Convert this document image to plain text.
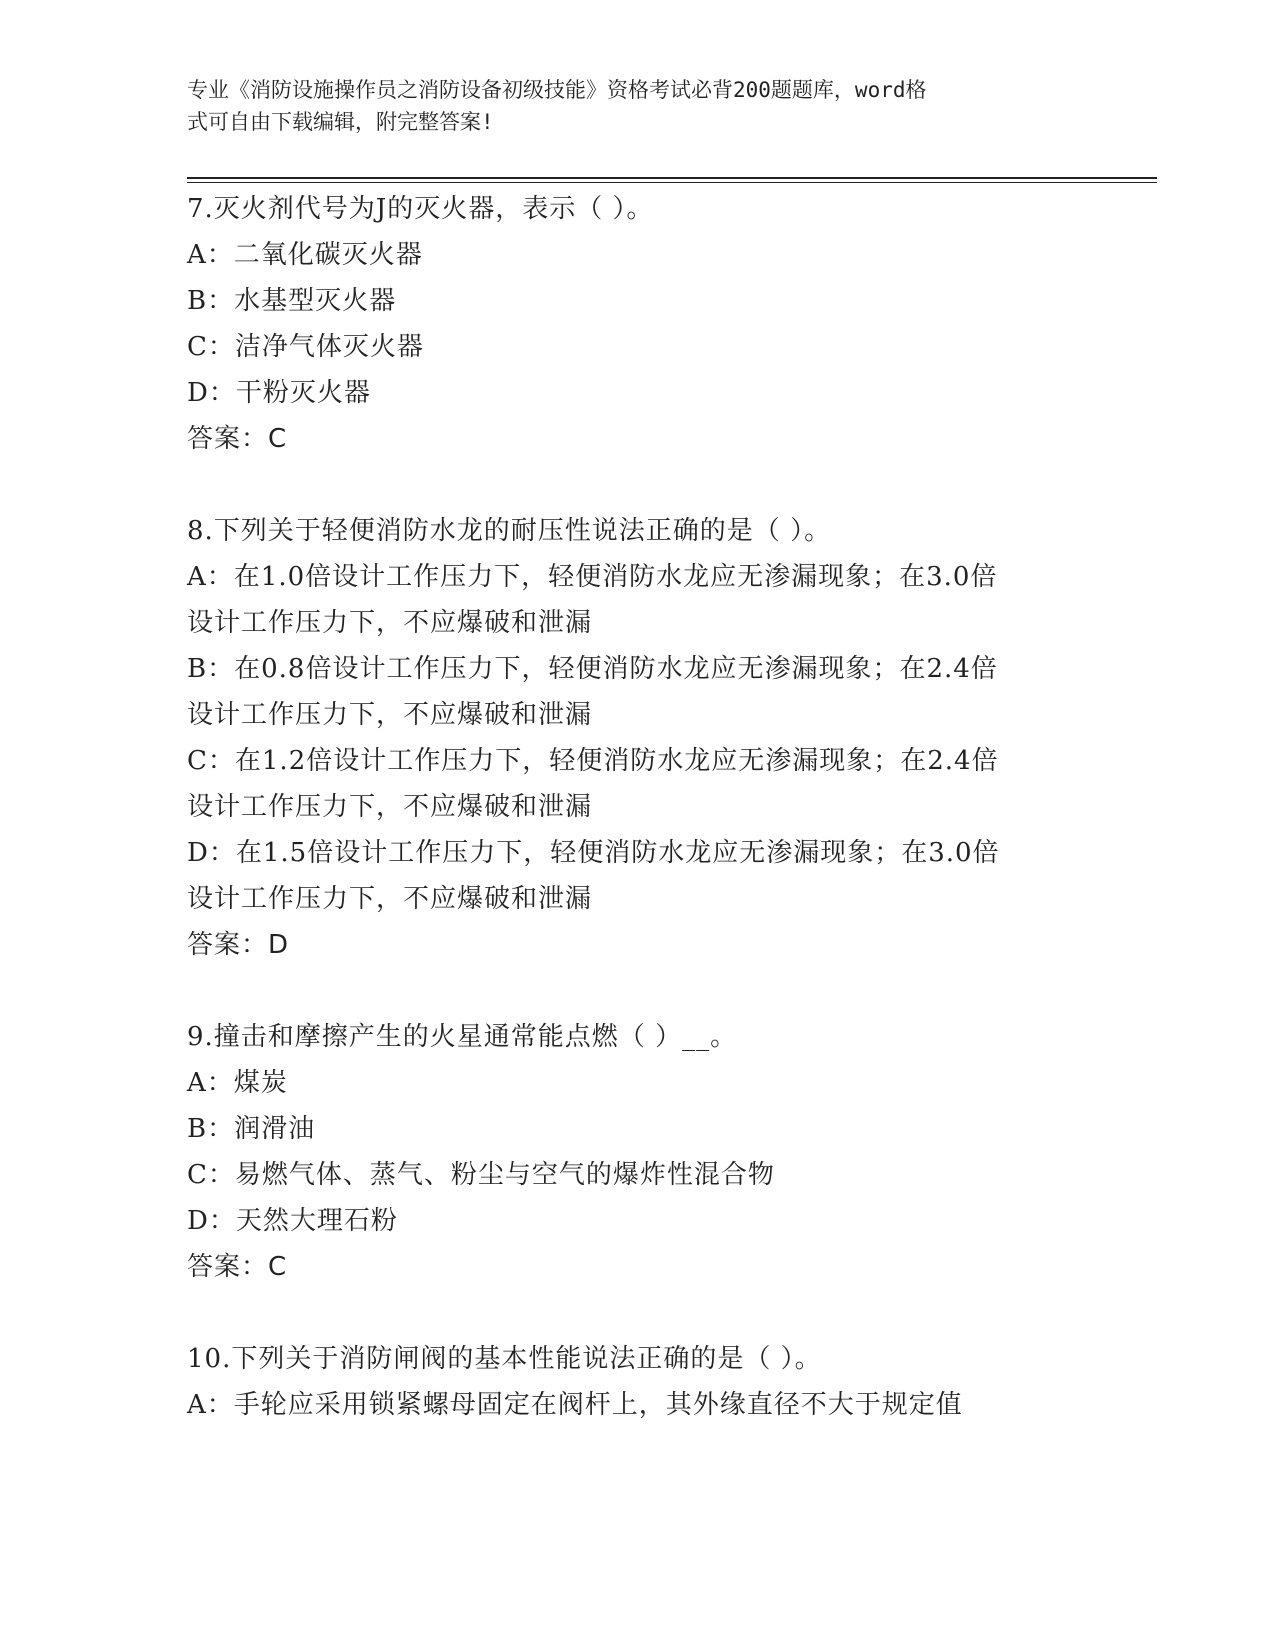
专业《消防设施操作员之消防设备初级技能》资格考试必背200题题库，word格
式可自由下载编辑，附完整答案!
7.灭火剂代号为J的灭火器，表示（ ）。
A：二氧化碳灭火器
B：水基型灭火器
C：洁净气体灭火器
D：干粉灭火器
答案：C
8.下列关于轻便消防水龙的耐压性说法正确的是（ ）。
A：在1.0倍设计工作压力下，轻便消防水龙应无渗漏现象；在3.0倍
设计工作压力下，不应爆破和泄漏
B：在0.8倍设计工作压力下，轻便消防水龙应无渗漏现象；在2.4倍
设计工作压力下，不应爆破和泄漏
C：在1.2倍设计工作压力下，轻便消防水龙应无渗漏现象；在2.4倍
设计工作压力下，不应爆破和泄漏
D：在1.5倍设计工作压力下，轻便消防水龙应无渗漏现象；在3.0倍
设计工作压力下，不应爆破和泄漏
答案：D
9.撞击和摩擦产生的火星通常能点燃（ ）__。
A：煤炭
B：润滑油
C：易燃气体、蒸气、粉尘与空气的爆炸性混合物
D：天然大理石粉
答案：C
10.下列关于消防闸阀的基本性能说法正确的是（ ）。
A：手轮应采用锁紧螺母固定在阀杆上，其外缘直径不大于规定值
